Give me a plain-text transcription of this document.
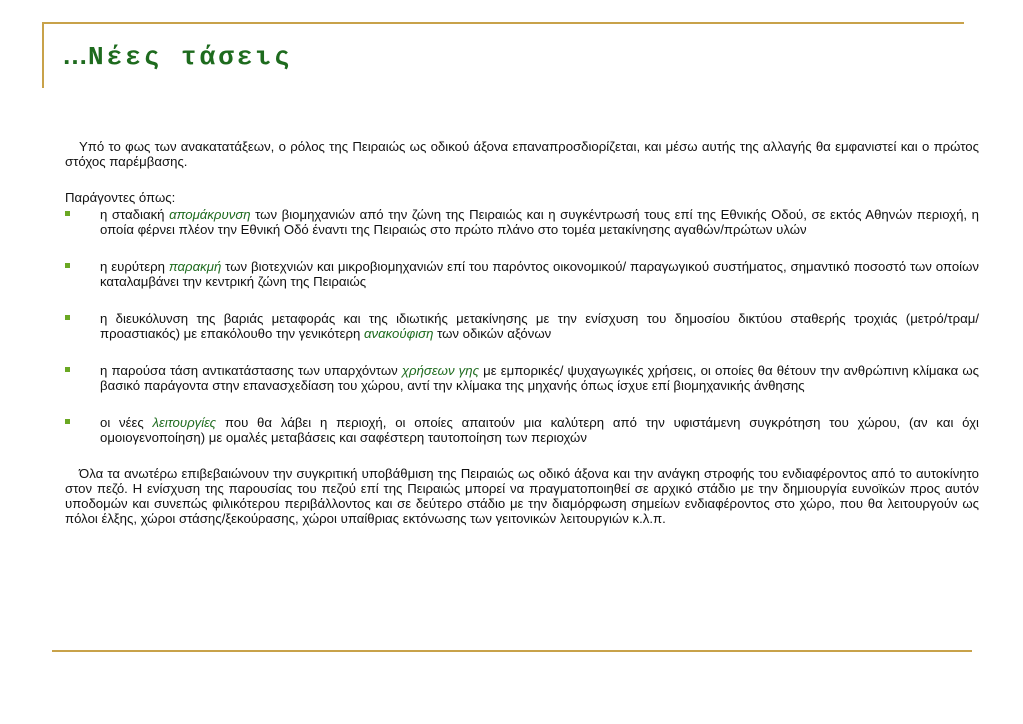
…Νέες τάσεις

Υπό το φως των ανακατατάξεων, ο ρόλος της Πειραιώς ως οδικού άξονα επαναπροσδιορίζεται, και μέσω αυτής της αλλαγής θα εμφανιστεί και ο πρώτος στόχος παρέμβασης.

Παράγοντες όπως:

η σταδιακή απομάκρυνση των βιομηχανιών από την ζώνη της Πειραιώς και η συγκέντρωσή τους επί της Εθνικής Οδού, σε εκτός Αθηνών περιοχή, η οποία φέρνει πλέον την Εθνική Οδό έναντι της Πειραιώς στο πρώτο πλάνο στο τομέα μετακίνησης αγαθών/πρώτων υλών
η ευρύτερη παρακμή των βιοτεχνιών και μικροβιομηχανιών επί του παρόντος οικονομικού/ παραγωγικού συστήματος, σημαντικό ποσοστό των οποίων καταλαμβάνει την κεντρική ζώνη της Πειραιώς
η διευκόλυνση της βαριάς μεταφοράς και της ιδιωτικής μετακίνησης με την ενίσχυση του δημοσίου δικτύου σταθερής τροχιάς (μετρό/τραμ/προαστιακός) με επακόλουθο την γενικότερη ανακούφιση των οδικών αξόνων
η παρούσα τάση αντικατάστασης των υπαρχόντων χρήσεων γης με εμπορικές/ ψυχαγωγικές χρήσεις, οι οποίες θα θέτουν την ανθρώπινη κλίμακα ως βασικό παράγοντα στην επανασχεδίαση του χώρου, αντί την κλίμακα της μηχανής όπως ίσχυε επί βιομηχανικής άνθησης
οι νέες λειτουργίες που θα λάβει η περιοχή, οι οποίες απαιτούν μια καλύτερη από την υφιστάμενη συγκρότηση του χώρου, (αν και όχι ομοιογενοποίηση) με ομαλές μεταβάσεις και σαφέστερη ταυτοποίηση των περιοχών

Όλα τα ανωτέρω επιβεβαιώνουν την συγκριτική υποβάθμιση της Πειραιώς ως οδικό άξονα και την ανάγκη στροφής του ενδιαφέροντος από το αυτοκίνητο στον πεζό. Η ενίσχυση της παρουσίας του πεζού επί της Πειραιώς μπορεί να πραγματοποιηθεί σε αρχικό στάδιο με την δημιουργία ευνοϊκών προς αυτόν υποδομών και συνεπώς φιλικότερου περιβάλλοντος και σε δεύτερο στάδιο με την διαμόρφωση σημείων ενδιαφέροντος στο χώρο, που θα λειτουργούν ως πόλοι έλξης, χώροι στάσης/ξεκούρασης, χώροι υπαίθριας εκτόνωσης των γειτονικών λειτουργιών κ.λ.π.
